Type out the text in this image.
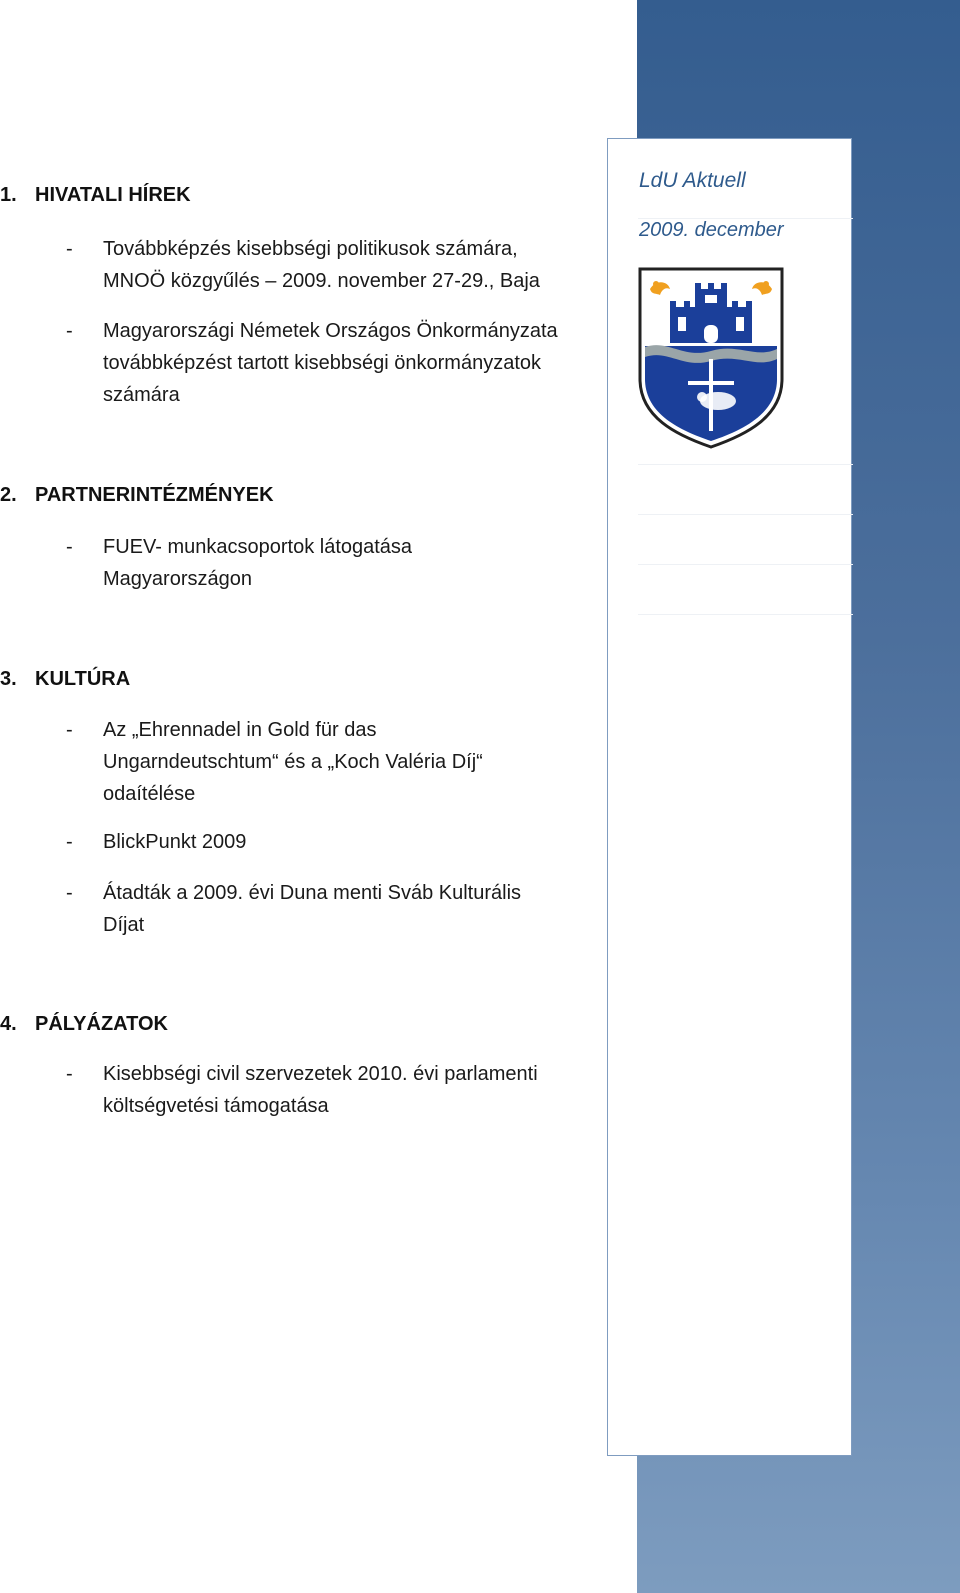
LdU Aktuell
2009. december
1. HIVATALI HÍREK
- Továbbképzés kisebbségi politikusok számára, MNOÖ közgyűlés – 2009. november 27-29., Baja
- Magyarországi Németek Országos Önkormányzata továbbképzést tartott kisebbségi önkormányzatok számára
2. PARTNERINTÉZMÉNYEK
- FUEV- munkacsoportok látogatása Magyarországon
3. KULTÚRA
- Az „Ehrennadel in Gold für das Ungarndeutschtum“ és a „Koch Valéria Díj“ odaítélése
- BlickPunkt 2009
- Átadták a 2009. évi Duna menti Sváb Kulturális Díjat
4. PÁLYÁZATOK
- Kisebbségi civil szervezetek 2010. évi parlamenti költségvetési támogatása
